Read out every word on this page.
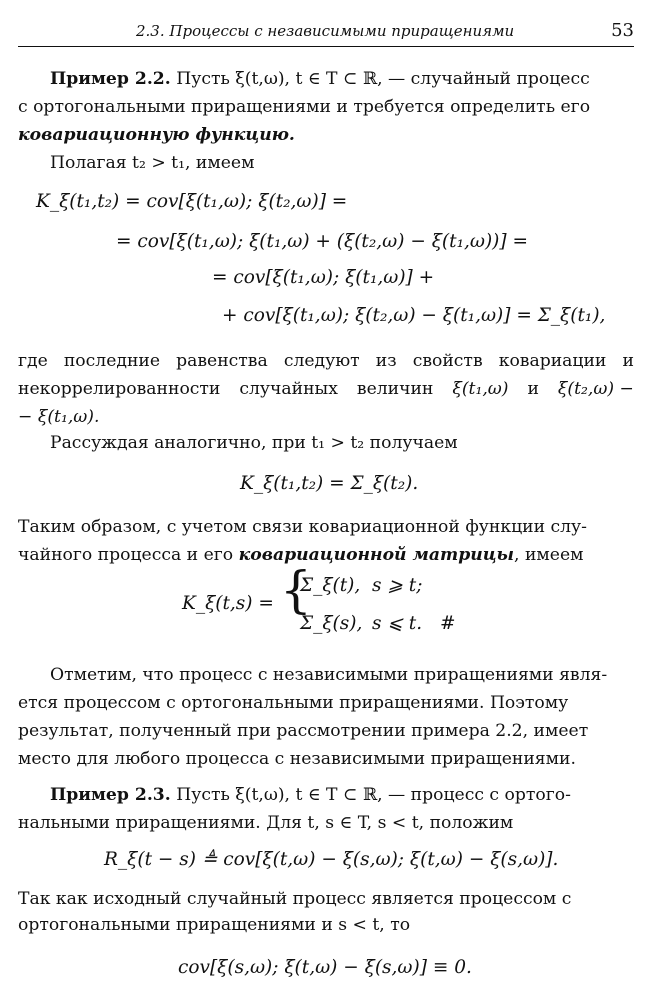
2.3. Процессы с независимыми приращениями	53
Пример 2.2. Пусть ξ(t,ω), t ∈ T ⊂ ℝ, — случайный процесс
с ортогональными приращениями и требуется определить его
ковариационную функцию.
Полагая t₂ > t₁, имеем
K_ξ(t₁,t₂) = cov[ξ(t₁,ω); ξ(t₂,ω)] =
= cov[ξ(t₁,ω); ξ(t₁,ω) + (ξ(t₂,ω) − ξ(t₁,ω))] =
= cov[ξ(t₁,ω); ξ(t₁,ω)] +
+ cov[ξ(t₁,ω); ξ(t₂,ω) − ξ(t₁,ω)] = Σ_ξ(t₁),
где последние равенства следуют из свойств ковариации и
некоррелированности случайных величин ξ(t₁,ω) и ξ(t₂,ω) −
− ξ(t₁,ω).
Рассуждая аналогично, при t₁ > t₂ получаем
K_ξ(t₁,t₂) = Σ_ξ(t₂).
Таким образом, с учетом связи ковариационной функции слу-
чайного процесса и его ковариационной матрицы, имеем
K_ξ(t,s) = {
Σ_ξ(t), s ⩾ t;
Σ_ξ(s), s ⩽ t. #
Отметим, что процесс с независимыми приращениями явля-
ется процессом с ортогональными приращениями. Поэтому
результат, полученный при рассмотрении примера 2.2, имеет
место для любого процесса с независимыми приращениями.
Пример 2.3. Пусть ξ(t,ω), t ∈ T ⊂ ℝ, — процесс с ортого-
нальными приращениями. Для t, s ∈ T, s < t, положим
R_ξ(t − s) ≜ cov[ξ(t,ω) − ξ(s,ω); ξ(t,ω) − ξ(s,ω)].
Так как исходный случайный процесс является процессом с
ортогональными приращениями и s < t, то
cov[ξ(s,ω); ξ(t,ω) − ξ(s,ω)] ≡ 0.
